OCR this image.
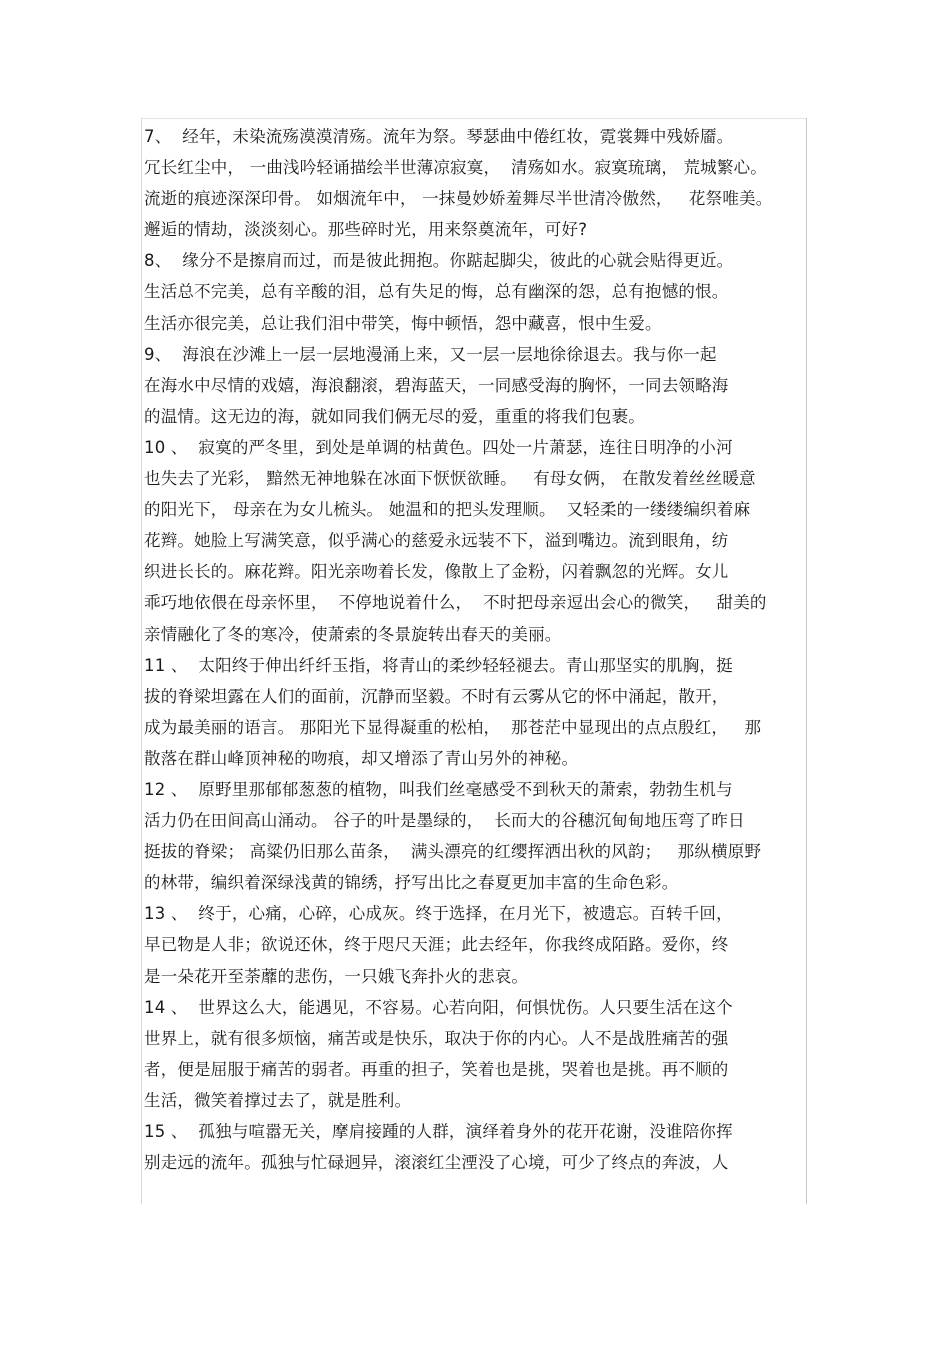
7、  经年，未染流殇漠漠清殇。流年为祭。琴瑟曲中倦红妆，霓裳舞中残娇靥。
冗长红尘中， 一曲浅吟轻诵描绘半世薄凉寂寞，  清殇如水。寂寞琉璃， 荒城繁心。
流逝的痕迹深深印骨。 如烟流年中， 一抹曼妙娇羞舞尽半世清冷傲然，   花祭唯美。
邂逅的情劫，淡淡刻心。那些碎时光，用来祭奠流年，可好?
8、  缘分不是擦肩而过，而是彼此拥抱。你踮起脚尖，彼此的心就会贴得更近。
生活总不完美，总有辛酸的泪，总有失足的悔，总有幽深的怨，总有抱憾的恨。
生活亦很完美，总让我们泪中带笑，悔中顿悟，怨中藏喜，恨中生爱。
9、  海浪在沙滩上一层一层地漫涌上来，又一层一层地徐徐退去。我与你一起
在海水中尽情的戏嬉，海浪翻滚，碧海蓝天，一同感受海的胸怀，一同去领略海
的温情。这无边的海，就如同我们俩无尽的爱，重重的将我们包裹。
10 、  寂寞的严冬里，到处是单调的枯黄色。四处一片萧瑟，连往日明净的小河
也失去了光彩， 黯然无神地躲在冰面下恹恹欲睡。   有母女俩， 在散发着丝丝暖意
的阳光下， 母亲在为女儿梳头。 她温和的把头发理顺。  又轻柔的一缕缕编织着麻
花辫。她脸上写满笑意，似乎满心的慈爱永远装不下，溢到嘴边。流到眼角，纺
织进长长的。麻花辫。阳光亲吻着长发，像散上了金粉，闪着飘忽的光辉。女儿
乖巧地依偎在母亲怀里，  不停地说着什么，  不时把母亲逗出会心的微笑，   甜美的
亲情融化了冬的寒冷，使萧索的冬景旋转出春天的美丽。
11 、  太阳终于伸出纤纤玉指，将青山的柔纱轻轻褪去。青山那坚实的肌胸，挺
拔的脊梁坦露在人们的面前，沉静而坚毅。不时有云雾从它的怀中涌起，散开，
成为最美丽的语言。 那阳光下显得凝重的松柏，  那苍茫中显现出的点点殷红，   那
散落在群山峰顶神秘的吻痕，却又增添了青山另外的神秘。
12 、  原野里那郁郁葱葱的植物，叫我们丝毫感受不到秋天的萧索，勃勃生机与
活力仍在田间高山涌动。 谷子的叶是墨绿的，  长而大的谷穗沉甸甸地压弯了昨日
挺拔的脊梁； 高粱仍旧那么苗条，  满头漂亮的红缨挥洒出秋的风韵；   那纵横原野
的林带，编织着深绿浅黄的锦绣，抒写出比之春夏更加丰富的生命色彩。
13 、  终于，心痛，心碎，心成灰。终于选择，在月光下，被遗忘。百转千回，
早已物是人非；欲说还休，终于咫尺天涯；此去经年，你我终成陌路。爱你，终
是一朵花开至荼蘼的悲伤，一只娥飞奔扑火的悲哀。
14 、  世界这么大，能遇见，不容易。心若向阳，何惧忧伤。人只要生活在这个
世界上，就有很多烦恼，痛苦或是快乐，取决于你的内心。人不是战胜痛苦的强
者，便是屈服于痛苦的弱者。再重的担子，笑着也是挑，哭着也是挑。再不顺的
生活，微笑着撑过去了，就是胜利。
15 、  孤独与喧嚣无关，摩肩接踵的人群，演绎着身外的花开花谢，没谁陪你挥
别走远的流年。孤独与忙碌迥异，滚滚红尘湮没了心境，可少了终点的奔波，人
